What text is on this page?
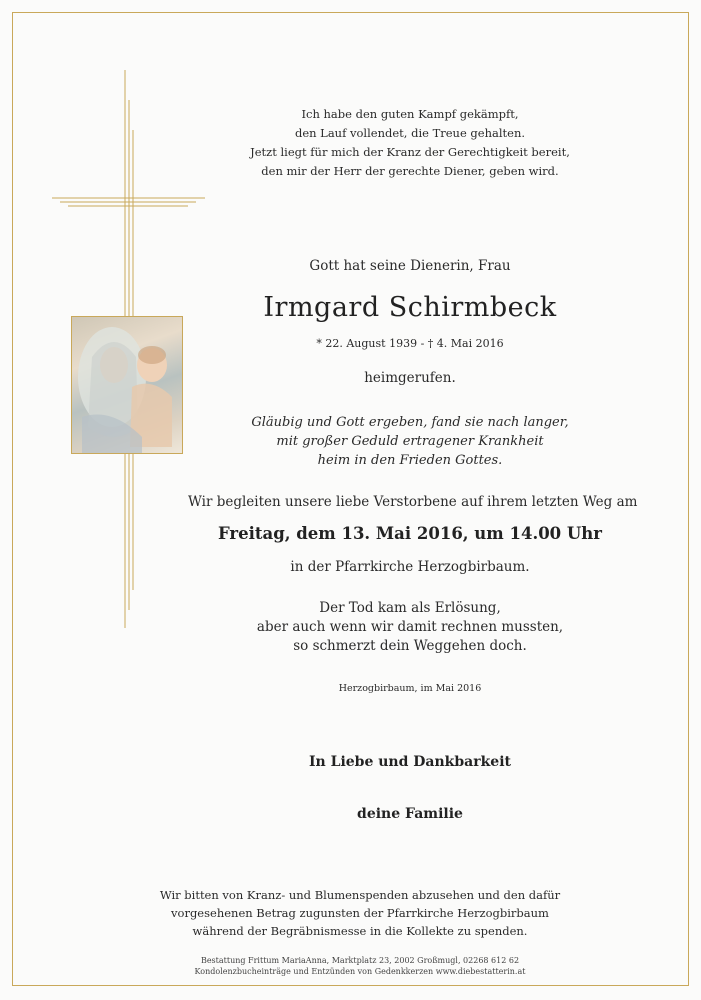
Ich habe den guten Kampf gekämpft,
den Lauf vollendet, die Treue gehalten.
Jetzt liegt für mich der Kranz der Gerechtigkeit bereit,
den mir der Herr der gerechte Diener, geben wird.
Gott hat seine Dienerin, Frau
Irmgard Schirmbeck
* 22. August 1939 - † 4. Mai 2016
heimgerufen.
Gläubig und Gott ergeben, fand sie nach langer,
mit großer Geduld ertragener Krankheit
heim in den Frieden Gottes.
Wir begleiten unsere liebe Verstorbene auf ihrem letzten Weg am
Freitag, dem 13. Mai 2016, um 14.00 Uhr
in der Pfarrkirche Herzogbirbaum.
Der Tod kam als Erlösung,
aber auch wenn wir damit rechnen mussten,
so schmerzt dein Weggehen doch.
Herzogbirbaum, im Mai 2016
In Liebe und Dankbarkeit
deine Familie
Wir bitten von Kranz- und Blumenspenden abzusehen und den dafür
vorgesehenen Betrag zugunsten der Pfarrkirche Herzogbirbaum
während der Begräbnismesse in die Kollekte zu spenden.
Bestattung Frittum MariaAnna, Marktplatz 23, 2002 Großmugl, 02268 612 62
Kondolenzbucheinträge und Entzünden von Gedenkkerzen www.diebestatterin.at
